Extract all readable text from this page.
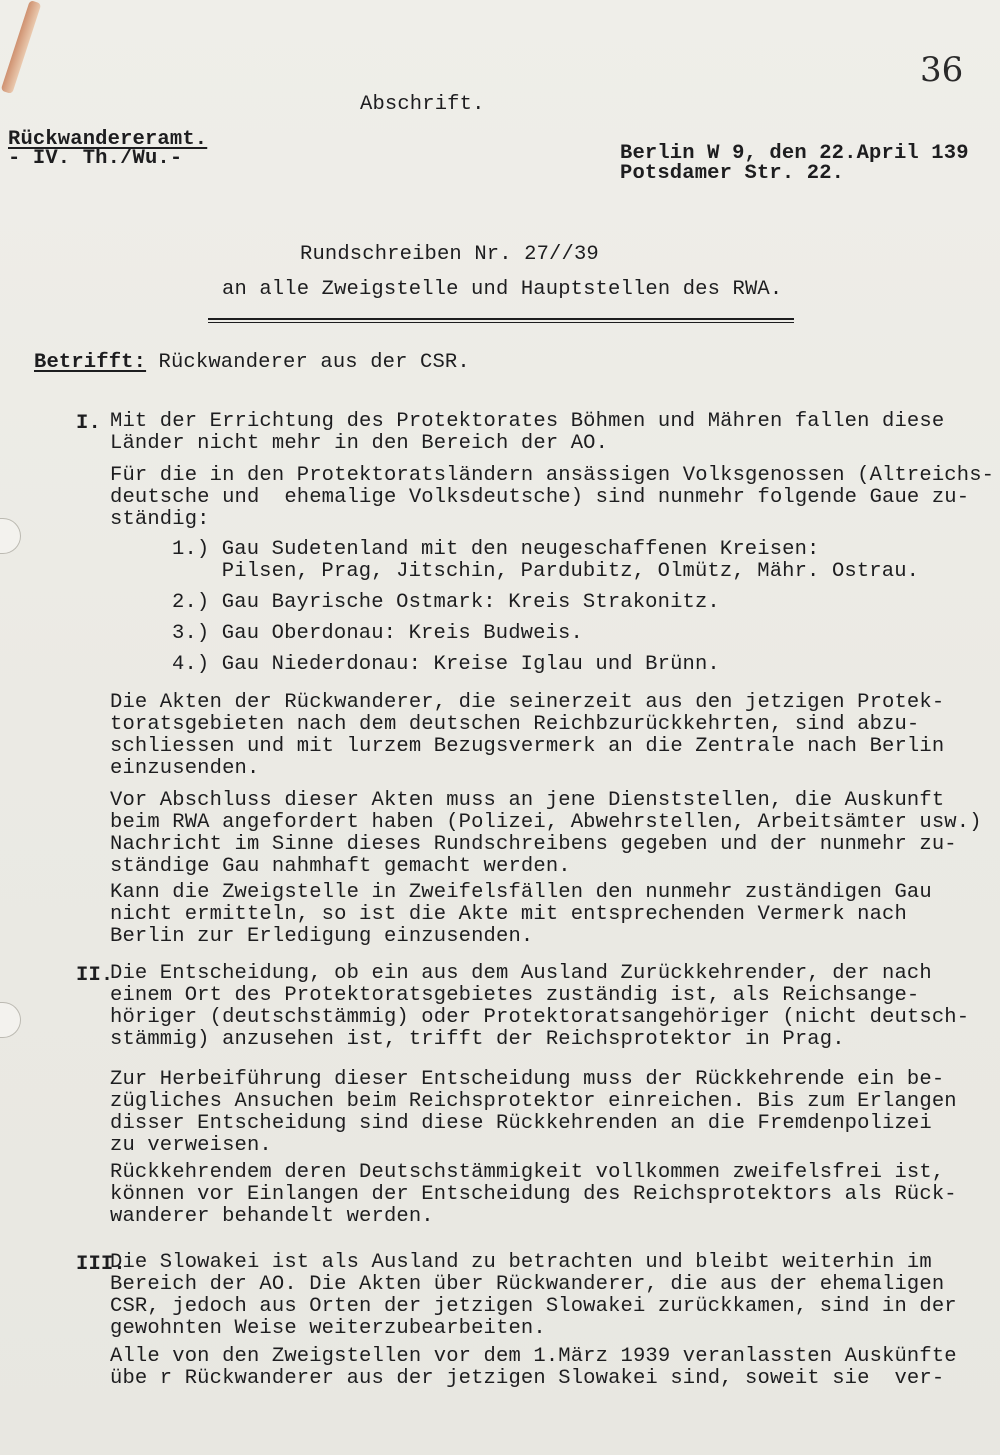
36
Abschrift.
Rückwandereramt.
- IV. Th./Wu.-	Berlin W 9, den 22.April 139
Potsdamer Str. 22.
Rundschreiben Nr. 27//39
an alle Zweigstelle und Hauptstellen des RWA.
Betrifft: Rückwanderer aus der CSR.
I. Mit der Errichtung des Protektorates Böhmen und Mähren fallen diese
Länder nicht mehr in den Bereich der AO.
Für die in den Protektoratsländern ansässigen Volksgenossen (Altreichs-
deutsche und  ehemalige Volksdeutsche) sind nunmehr folgende Gaue zu-
ständig:
1.) Gau Sudetenland mit den neugeschaffenen Kreisen:
Pilsen, Prag, Jitschin, Pardubitz, Olmütz, Mähr. Ostrau.
2.) Gau Bayrische Ostmark: Kreis Strakonitz.
3.) Gau Oberdonau: Kreis Budweis.
4.) Gau Niederdonau: Kreise Iglau und Brünn.
Die Akten der Rückwanderer, die seinerzeit aus den jetzigen Protek-
toratsgebieten nach dem deutschen Reichbzurückkehrten, sind abzu-
schliessen und mit lurzem Bezugsvermerk an die Zentrale nach Berlin
einzusenden.
Vor Abschluss dieser Akten muss an jene Dienststellen, die Auskunft
beim RWA angefordert haben (Polizei, Abwehrstellen, Arbeitsämter usw.)
Nachricht im Sinne dieses Rundschreibens gegeben und der nunmehr zu-
ständige Gau nahmhaft gemacht werden.
Kann die Zweigstelle in Zweifelsfällen den nunmehr zuständigen Gau
nicht ermitteln, so ist die Akte mit entsprechenden Vermerk nach
Berlin zur Erledigung einzusenden.
II.
Die Entscheidung, ob ein aus dem Ausland Zurückkehrender, der nach
einem Ort des Protektoratsgebietes zuständig ist, als Reichsange-
höriger (deutschstämmig) oder Protektoratsangehöriger (nicht deutsch-
stämmig) anzusehen ist, trifft der Reichsprotektor in Prag.
Zur Herbeiführung dieser Entscheidung muss der Rückkehrende ein be-
zügliches Ansuchen beim Reichsprotektor einreichen. Bis zum Erlangen
disser Entscheidung sind diese Rückkehrenden an die Fremdenpolizei
zu verweisen.
Rückkehrendem deren Deutschstämmigkeit vollkommen zweifelsfrei ist,
können vor Einlangen der Entscheidung des Reichsprotektors als Rück-
wanderer behandelt werden.
III.
Die Slowakei ist als Ausland zu betrachten und bleibt weiterhin im
Bereich der AO. Die Akten über Rückwanderer, die aus der ehemaligen
CSR, jedoch aus Orten der jetzigen Slowakei zurückkamen, sind in der
gewohnten Weise weiterzubearbeiten.
Alle von den Zweigstellen vor dem 1.März 1939 veranlassten Auskünfte
übe r Rückwanderer aus der jetzigen Slowakei sind, soweit sie  ver-
